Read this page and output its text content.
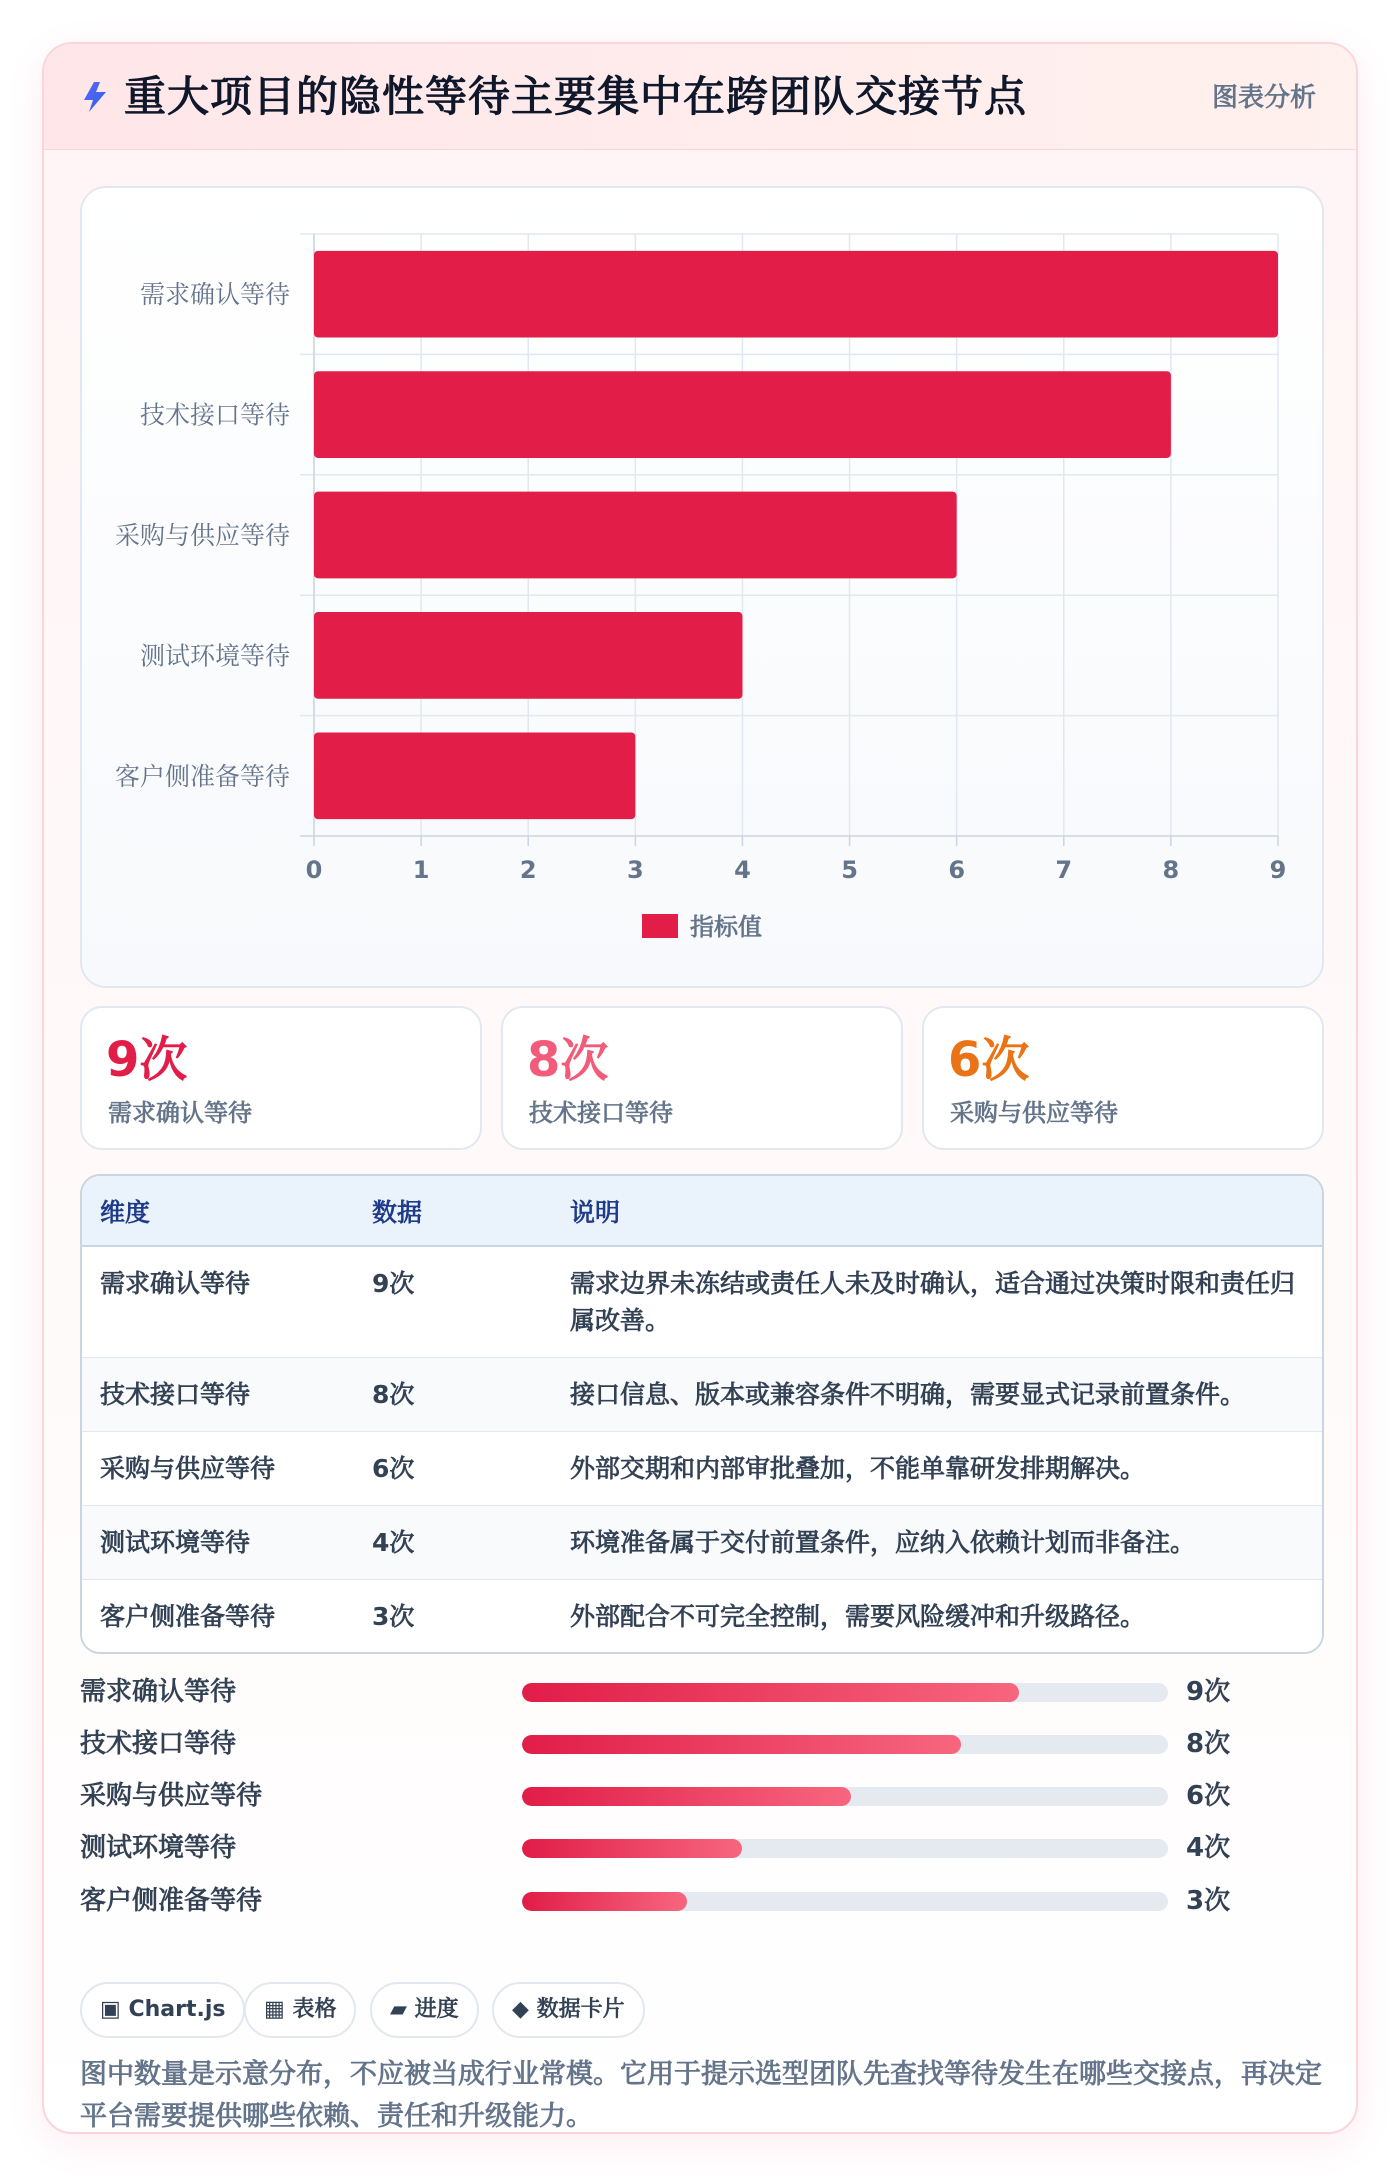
重大项目的隐性等待主要集中在跨团队交接节点	图表分析
0	1	2	3	4	5	6	7	8	9
需求确认等待
技术接口等待
采购与供应等待
测试环境等待
客户侧准备等待
指标值
9次
需求确认等待
8次
技术接口等待
6次
采购与供应等待
维度	数据	说明
需求确认等待	9次	需求边界未冻结或责任人未及时确认，适合通过决策时限和责任归属改善。
技术接口等待	8次	接口信息、版本或兼容条件不明确，需要显式记录前置条件。
采购与供应等待	6次	外部交期和内部审批叠加，不能单靠研发排期解决。
测试环境等待	4次	环境准备属于交付前置条件，应纳入依赖计划而非备注。
客户侧准备等待	3次	外部配合不可完全控制，需要风险缓冲和升级路径。
需求确认等待	9次
技术接口等待	8次
采购与供应等待	6次
测试环境等待	4次
客户侧准备等待	3次
▣ Chart.js	▦ 表格	▰ 进度	◆ 数据卡片
图中数量是示意分布，不应被当成行业常模。它用于提示选型团队先查找等待发生在哪些交接点，再决定平台需要提供哪些依赖、责任和升级能力。
